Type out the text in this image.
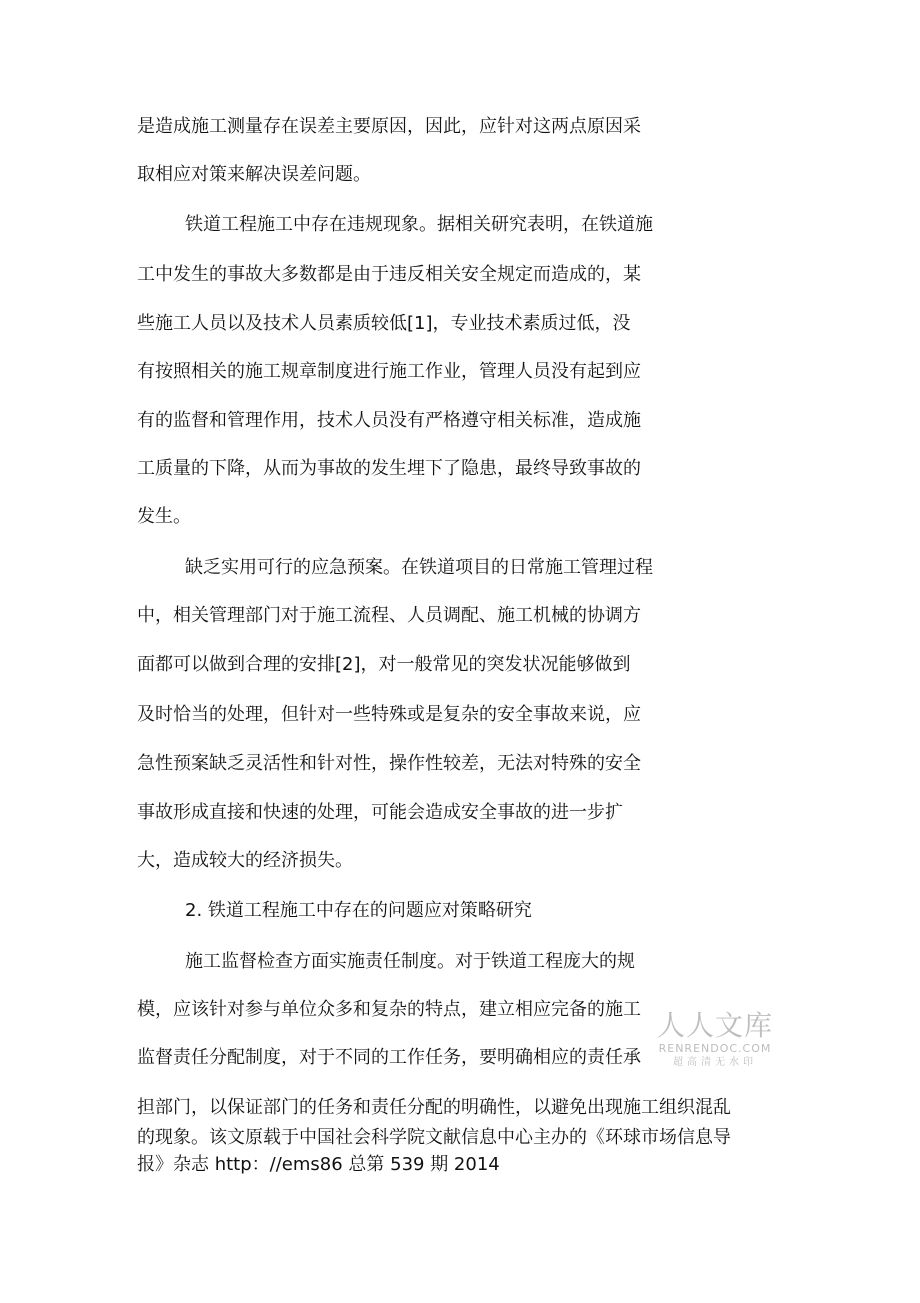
是造成施工测量存在误差主要原因，因此，应针对这两点原因采
取相应对策来解决误差问题。
铁道工程施工中存在违规现象。据相关研究表明，在铁道施
工中发生的事故大多数都是由于违反相关安全规定而造成的，某
些施工人员以及技术人员素质较低[1]，专业技术素质过低，没
有按照相关的施工规章制度进行施工作业，管理人员没有起到应
有的监督和管理作用，技术人员没有严格遵守相关标准，造成施
工质量的下降，从而为事故的发生埋下了隐患，最终导致事故的
发生。
缺乏实用可行的应急预案。在铁道项目的日常施工管理过程
中，相关管理部门对于施工流程、人员调配、施工机械的协调方
面都可以做到合理的安排[2]，对一般常见的突发状况能够做到
及时恰当的处理，但针对一些特殊或是复杂的安全事故来说，应
急性预案缺乏灵活性和针对性，操作性较差，无法对特殊的安全
事故形成直接和快速的处理，可能会造成安全事故的进一步扩
大，造成较大的经济损失。
2. 铁道工程施工中存在的问题应对策略研究
施工监督检查方面实施责任制度。对于铁道工程庞大的规
模，应该针对参与单位众多和复杂的特点，建立相应完备的施工
监督责任分配制度，对于不同的工作任务，要明确相应的责任承
担部门，以保证部门的任务和责任分配的明确性，以避免出现施工组织混乱
的现象。该文原载于中国社会科学院文献信息中心主办的《环球市场信息导
报》杂志 http：//ems86 总第 539 期 2014
人人文库
RENRENDOC.COM
超高清无水印
